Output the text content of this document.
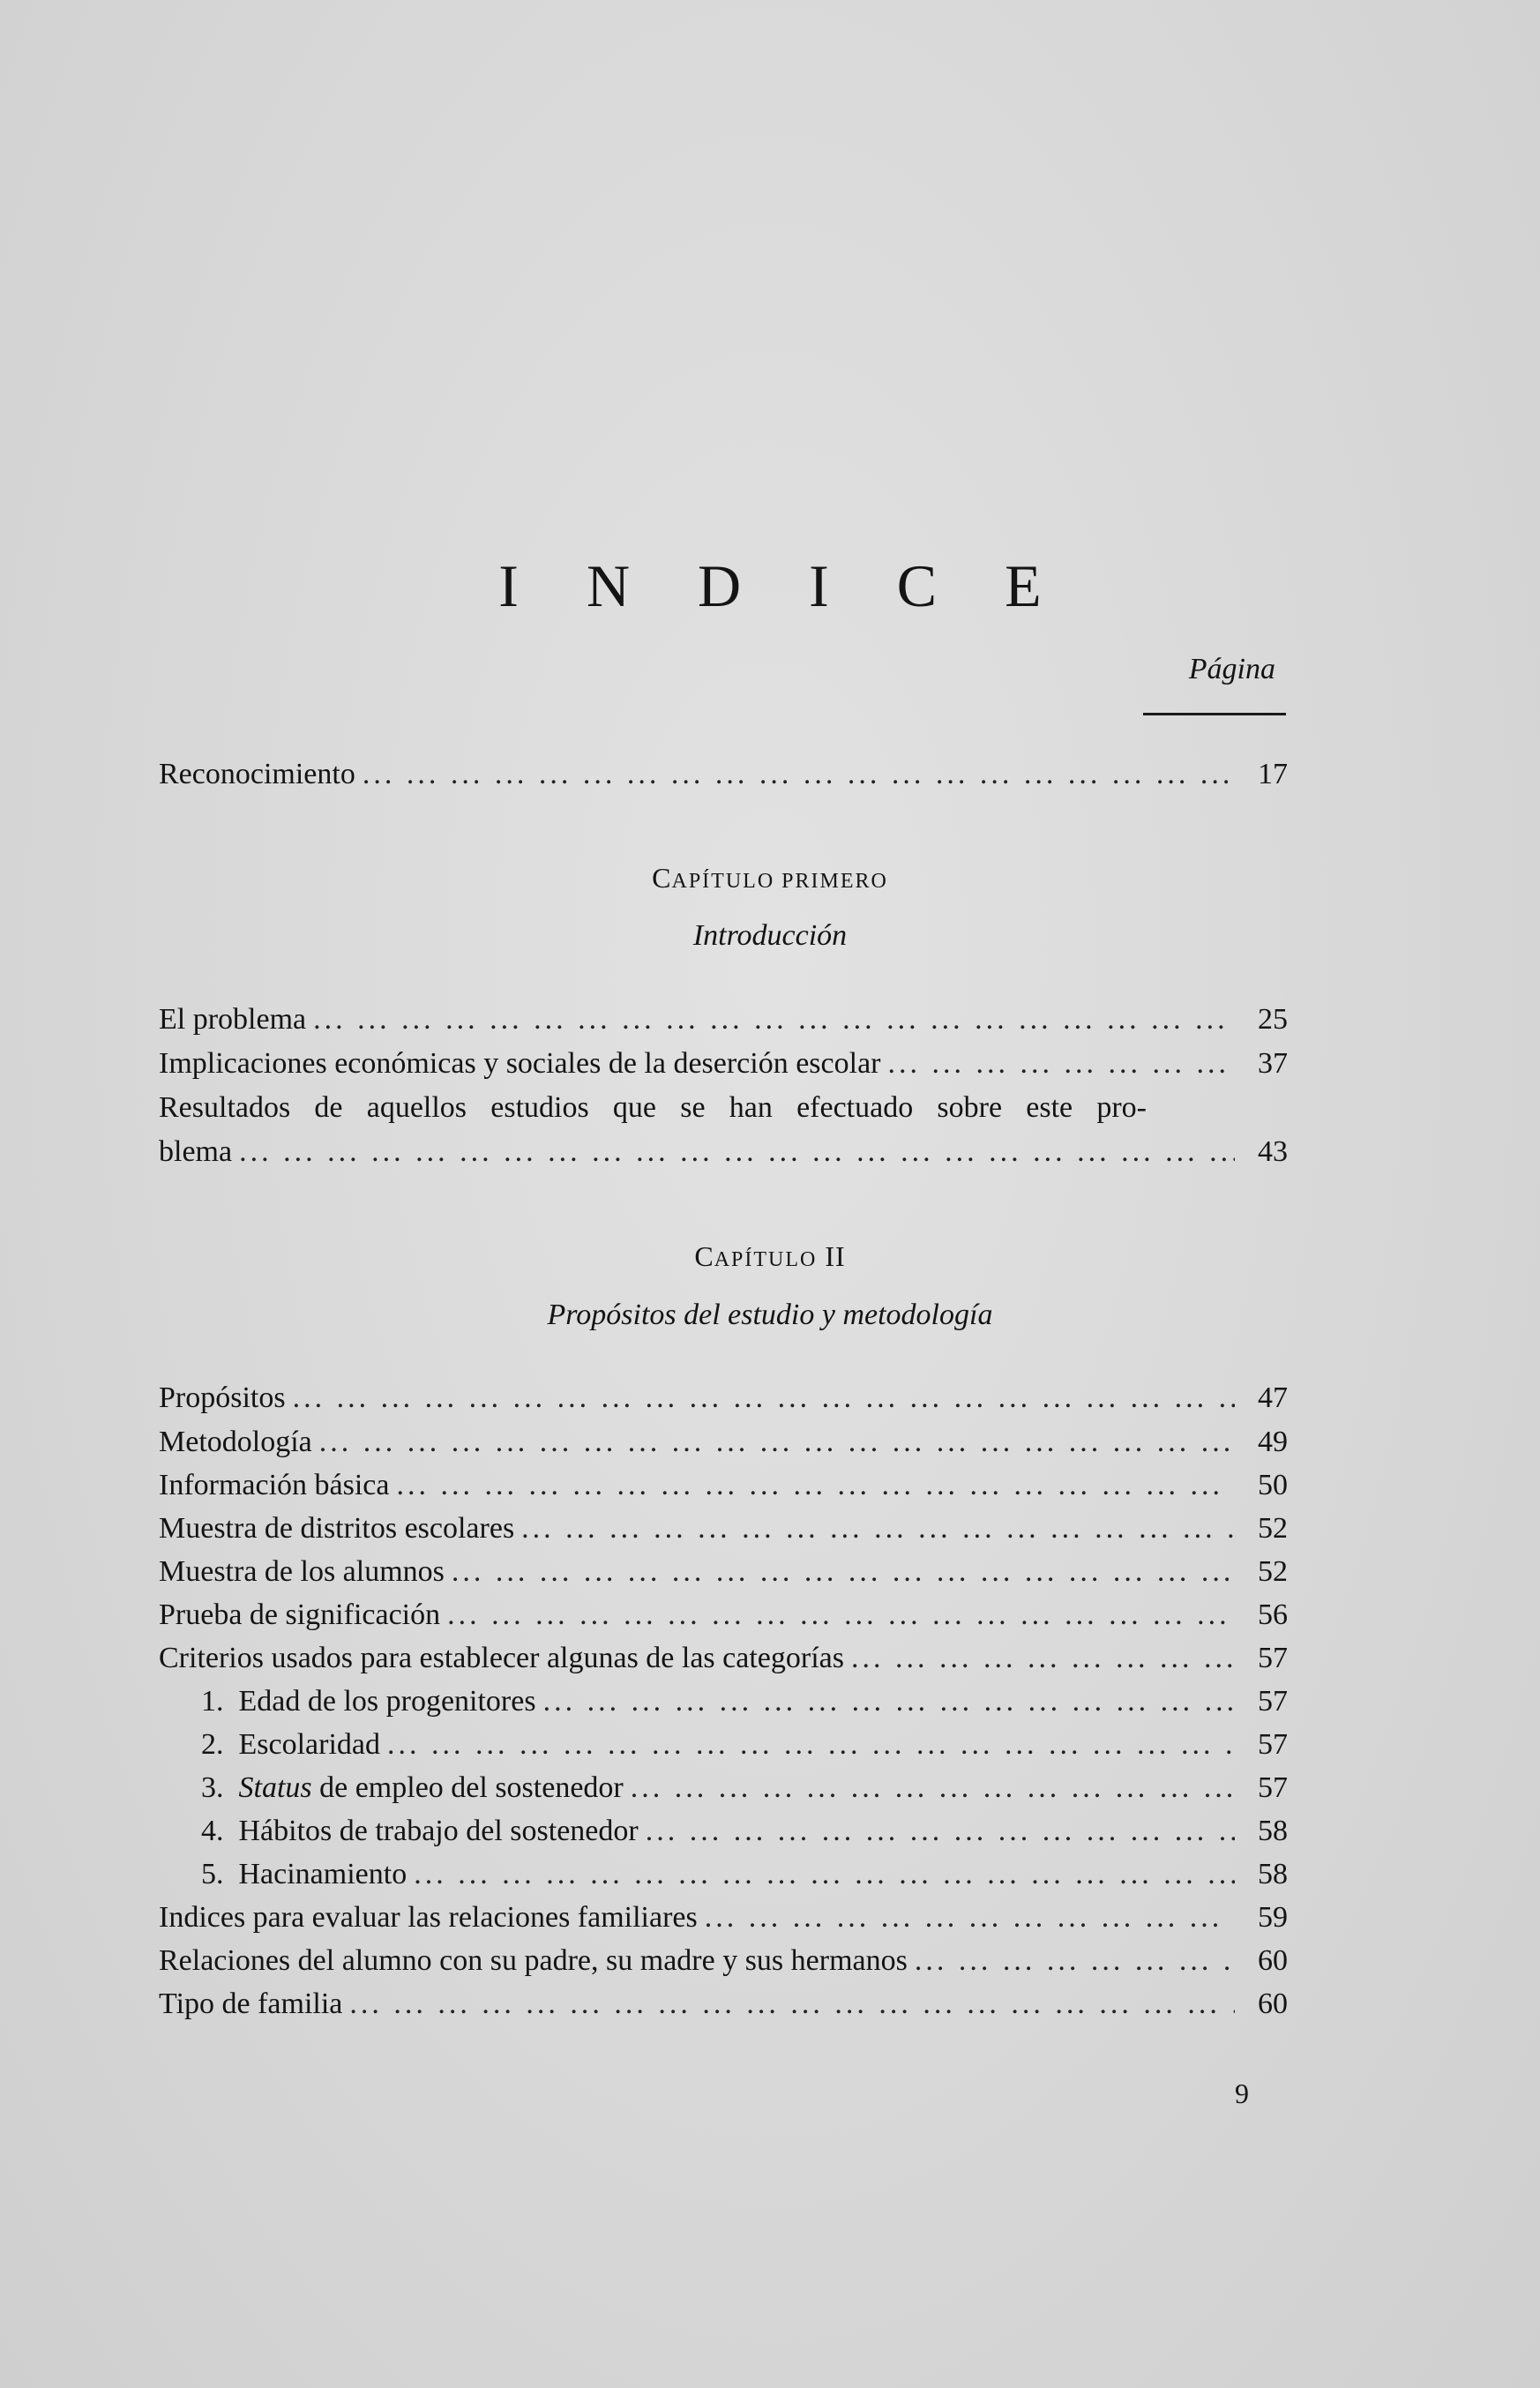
I N D I C E
Página
Reconocimiento ... .	17
CAPÍTULO PRIMERO
Introducción
El problema ... .	25
Implicaciones económicas y sociales de la deserción escolar ... .	37
Resultados de aquellos estudios que se han efectuado sobre este pro-
blema ... .	43
CAPÍTULO II
Propósitos del estudio y metodología
Propósitos ... .	47
Metodología ... .	49
Información básica ... .	50
Muestra de distritos escolares ... .	52
Muestra de los alumnos ... .	52
Prueba de significación ... .	56
Criterios usados para establecer algunas de las categorías ... .	57
1. Edad de los progenitores ... .	57
2. Escolaridad ... .	57
3. Status de empleo del sostenedor ... .	57
4. Hábitos de trabajo del sostenedor ... .	58
5. Hacinamiento ... .	58
Indices para evaluar las relaciones familiares ... .	59
Relaciones del alumno con su padre, su madre y sus hermanos ... .	60
Tipo de familia ... .	60
9
